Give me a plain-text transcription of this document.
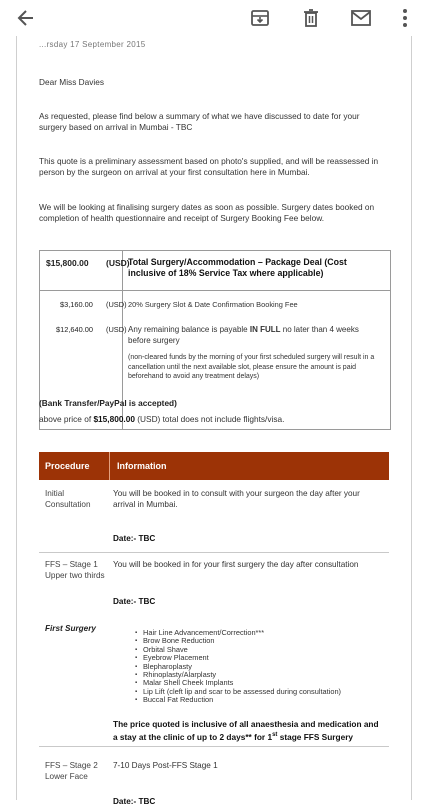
...rsday 17 September 2015
Dear Miss Davies
As requested, please find below a summary of what we have discussed to date for your surgery based on arrival in Mumbai - TBC
This quote is a preliminary assessment based on photo's supplied, and will be reassessed in person by the surgeon on arrival at your first consultation here in Mumbai.
We will be looking at finalising surgery dates as soon as possible. Surgery dates booked on completion of health questionnaire and receipt of Surgery Booking Fee below.
$15,800.00 (USD)
Total Surgery/Accommodation – Package Deal (Cost inclusive of 18% Service Tax where applicable)
$3,160.00 (USD) 20% Surgery Slot & Date Confirmation Booking Fee
$12,640.00 (USD) Any remaining balance is payable IN FULL no later than 4 weeks before surgery
(non-cleared funds by the morning of your first scheduled surgery will result in a cancellation until the next available slot, please ensure the amount is paid beforehand to avoid any treatment delays)
(Bank Transfer/PayPal is accepted)
above price of $15,800.00 (USD) total does not include flights/visa.
Procedure	Information
Initial Consultation
You will be booked in to consult with your surgeon the day after your arrival in Mumbai.
Date:- TBC
FFS – Stage 1 Upper two thirds
You will be booked in for your first surgery the day after consultation
Date:- TBC
First Surgery
▪	Hair Line Advancement/Correction***
▪ Brow Bone Reduction
▪ Orbital Shave
▪ Eyebrow Placement
▪ Blepharoplasty
▪ Rhinoplasty/Alarplasty
▪ Malar Shell Cheek Implants
▪ Lip Lift (cleft lip and scar to be assessed during consultation)
▪ Buccal Fat Reduction
The price quoted is inclusive of all anaesthesia and medication and a stay at the clinic of up to 2 days** for 1st stage FFS Surgery
FFS – Stage 2 Lower Face
7-10 Days Post-FFS Stage 1
Date:- TBC
